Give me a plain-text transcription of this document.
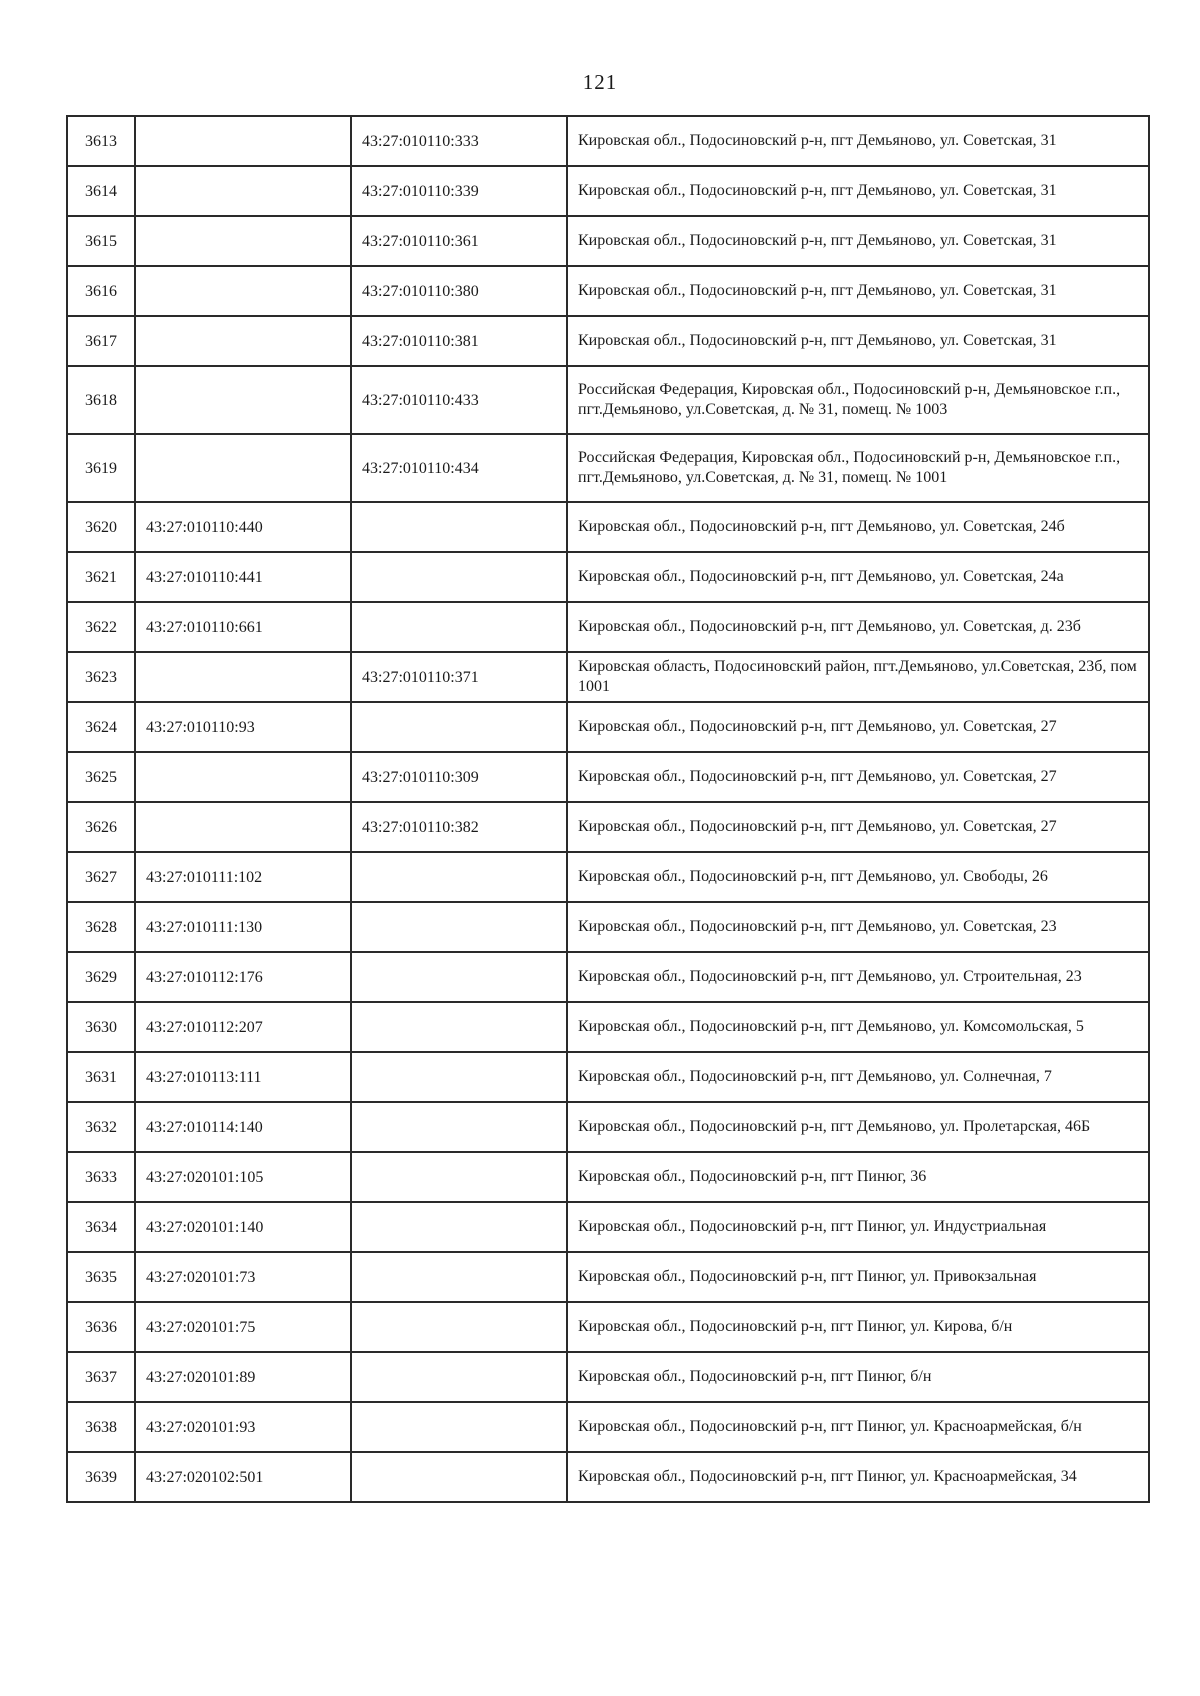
121
3613		43:27:010110:333	Кировская обл., Подосиновский р-н, пгт Демьяново, ул. Советская, 31
3614		43:27:010110:339	Кировская обл., Подосиновский р-н, пгт Демьяново, ул. Советская, 31
3615		43:27:010110:361	Кировская обл., Подосиновский р-н, пгт Демьяново, ул. Советская, 31
3616		43:27:010110:380	Кировская обл., Подосиновский р-н, пгт Демьяново, ул. Советская, 31
3617		43:27:010110:381	Кировская обл., Подосиновский р-н, пгт Демьяново, ул. Советская, 31
3618		43:27:010110:433	Российская Федерация, Кировская обл., Подосиновский р-н, Демьяновское г.п., пгт.Демьяново, ул.Советская, д. № 31, помещ. № 1003
3619		43:27:010110:434	Российская Федерация, Кировская обл., Подосиновский р-н, Демьяновское г.п., пгт.Демьяново, ул.Советская, д. № 31, помещ. № 1001
3620	43:27:010110:440		Кировская обл., Подосиновский р-н, пгт Демьяново, ул. Советская, 24б
3621	43:27:010110:441		Кировская обл., Подосиновский р-н, пгт Демьяново, ул. Советская, 24а
3622	43:27:010110:661		Кировская обл., Подосиновский р-н, пгт Демьяново, ул. Советская, д. 23б
3623		43:27:010110:371	Кировская область, Подосиновский район, пгт.Демьяново, ул.Советская, 23б, пом 1001
3624	43:27:010110:93		Кировская обл., Подосиновский р-н, пгт Демьяново, ул. Советская, 27
3625		43:27:010110:309	Кировская обл., Подосиновский р-н, пгт Демьяново, ул. Советская, 27
3626		43:27:010110:382	Кировская обл., Подосиновский р-н, пгт Демьяново, ул. Советская, 27
3627	43:27:010111:102		Кировская обл., Подосиновский р-н, пгт Демьяново, ул. Свободы, 26
3628	43:27:010111:130		Кировская обл., Подосиновский р-н, пгт Демьяново, ул. Советская, 23
3629	43:27:010112:176		Кировская обл., Подосиновский р-н, пгт Демьяново, ул. Строительная, 23
3630	43:27:010112:207		Кировская обл., Подосиновский р-н, пгт Демьяново, ул. Комсомольская, 5
3631	43:27:010113:111		Кировская обл., Подосиновский р-н, пгт Демьяново, ул. Солнечная, 7
3632	43:27:010114:140		Кировская обл., Подосиновский р-н, пгт Демьяново, ул. Пролетарская, 46Б
3633	43:27:020101:105		Кировская обл., Подосиновский р-н, пгт Пинюг, 36
3634	43:27:020101:140		Кировская обл., Подосиновский р-н, пгт Пинюг, ул. Индустриальная
3635	43:27:020101:73		Кировская обл., Подосиновский р-н, пгт Пинюг, ул. Привокзальная
3636	43:27:020101:75		Кировская обл., Подосиновский р-н, пгт Пинюг, ул. Кирова, б/н
3637	43:27:020101:89		Кировская обл., Подосиновский р-н, пгт Пинюг, б/н
3638	43:27:020101:93		Кировская обл., Подосиновский р-н, пгт Пинюг, ул. Красноармейская, б/н
3639	43:27:020102:501		Кировская обл., Подосиновский р-н, пгт Пинюг, ул. Красноармейская, 34
